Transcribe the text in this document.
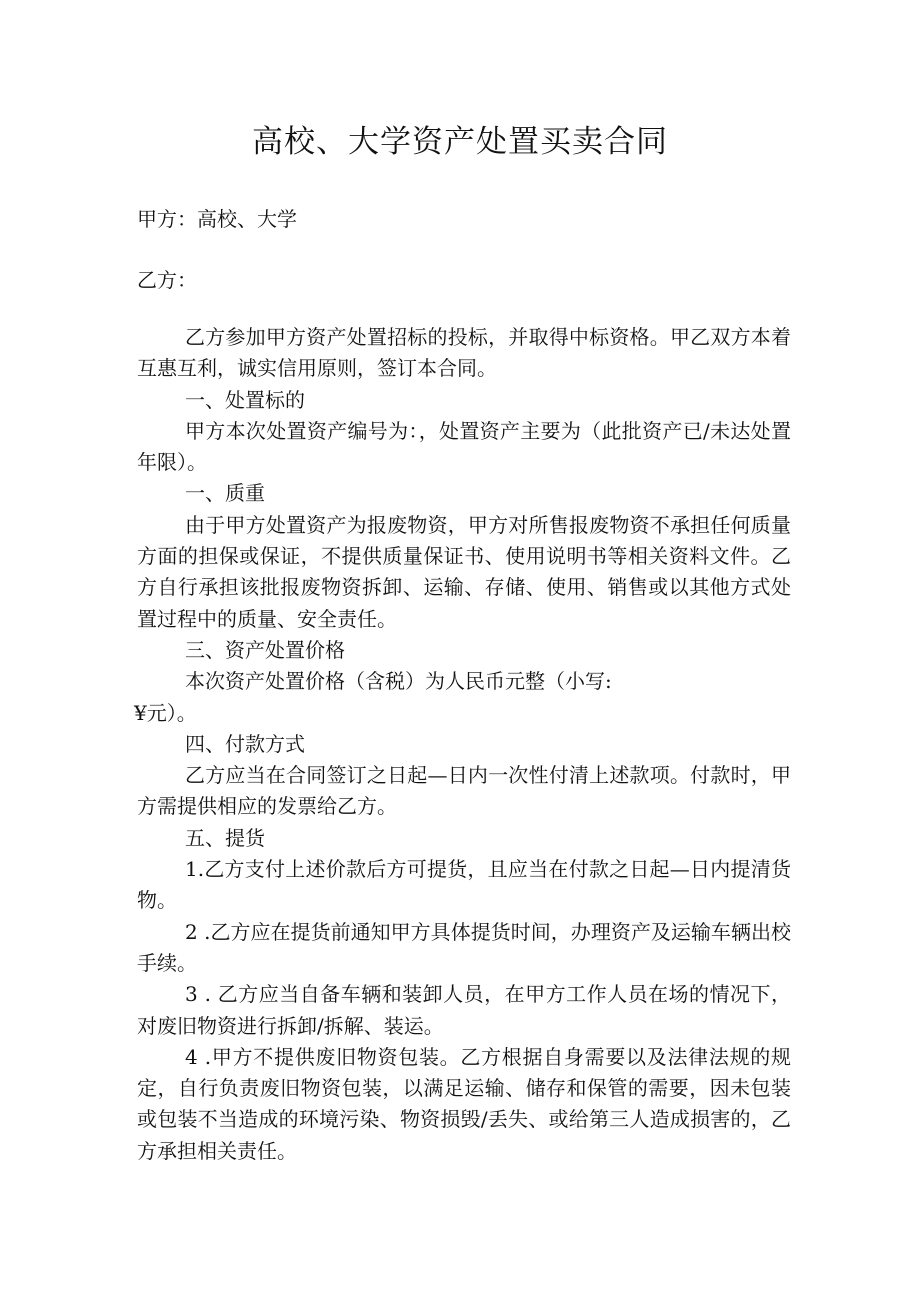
高校、大学资产处置买卖合同
甲方：高校、大学
乙方：

乙方参加甲方资产处置招标的投标，并取得中标资格。甲乙双方本着互惠互利，诚实信用原则，签订本合同。

一、处置标的

甲方本次处置资产编号为：，处置资产主要为（此批资产已/未达处置年限）。

一、质重

由于甲方处置资产为报废物资，甲方对所售报废物资不承担任何质量方面的担保或保证，不提供质量保证书、使用说明书等相关资料文件。乙方自行承担该批报废物资拆卸、运输、存储、使用、销售或以其他方式处置过程中的质量、安全责任。

三、资产处置价格

本次资产处置价格（含税）为人民币元整（小写:

¥元）。

四、付款方式

乙方应当在合同签订之日起—日内一次性付清上述款项。付款时，甲方需提供相应的发票给乙方。

五、提货

1.乙方支付上述价款后方可提货，且应当在付款之日起—日内提清货物。

2 .乙方应在提货前通知甲方具体提货时间，办理资产及运输车辆出校手续。

3 . 乙方应当自备车辆和装卸人员，在甲方工作人员在场的情况下，对废旧物资进行拆卸/拆解、装运。

4 .甲方不提供废旧物资包装。乙方根据自身需要以及法律法规的规定，自行负责废旧物资包装，以满足运输、储存和保管的需要，因未包装或包装不当造成的环境污染、物资损毁/丢失、或给第三人造成损害的，乙方承担相关责任。
